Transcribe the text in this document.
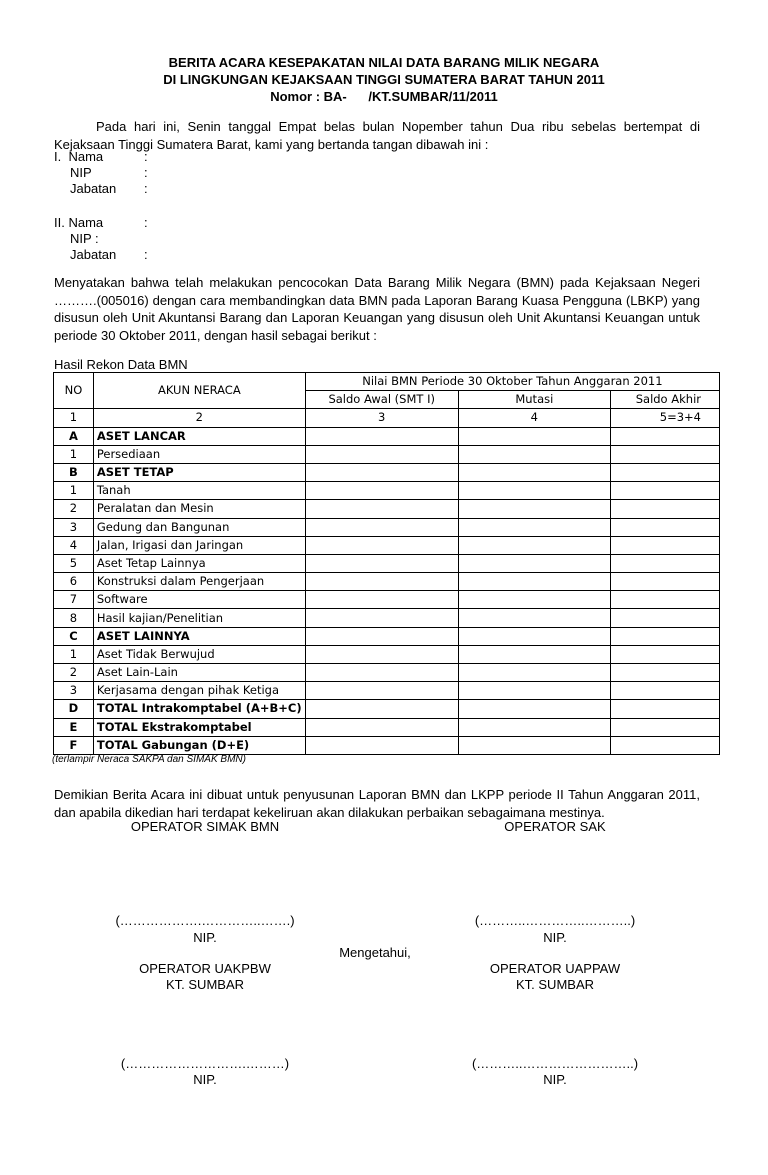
BERITA ACARA KESEPAKATAN NILAI DATA BARANG MILIK NEGARA
DI LINGKUNGAN KEJAKSAAN TINGGI SUMATERA BARAT TAHUN 2011
Nomor : BA-      /KT.SUMBAR/11/2011
Pada hari ini, Senin tanggal Empat belas bulan Nopember tahun Dua ribu sebelas bertempat di Kejaksaan Tinggi Sumatera Barat, kami yang bertanda tangan dibawah ini :
I.  Nama	:
NIP	:
Jabatan :
II. Nama	:
NIP :
Jabatan :
Menyatakan bahwa telah melakukan pencocokan Data Barang Milik Negara (BMN) pada Kejaksaan Negeri ……….(005016) dengan cara membandingkan data BMN pada Laporan Barang Kuasa Pengguna (LBKP) yang disusun oleh Unit Akuntansi Barang dan Laporan Keuangan yang disusun oleh Unit Akuntansi Keuangan untuk periode 30 Oktober 2011, dengan hasil sebagai berikut :
Hasil Rekon Data BMN
NO	AKUN NERACA	Nilai BMN Periode 30 Oktober Tahun Anggaran 2011		
		Saldo Awal (SMT I)	Mutasi	Saldo Akhir
1	2	3	4	5=3+4
A	ASET LANCAR			
1	Persediaan			
B	ASET TETAP			
1	Tanah			
2	Peralatan dan Mesin			
3	Gedung dan Bangunan			
4	Jalan, Irigasi dan Jaringan			
5	Aset Tetap Lainnya			
6	Konstruksi dalam Pengerjaan			
7	Software			
8	Hasil kajian/Penelitian			
C	ASET LAINNYA			
1	Aset Tidak Berwujud			
2	Aset Lain-Lain			
3	Kerjasama dengan pihak Ketiga			
D	TOTAL Intrakomptabel (A+B+C)			
E	TOTAL Ekstrakomptabel			
F	TOTAL Gabungan (D+E)			
(terlampir Neraca SAKPA dan SIMAK BMN)
Demikian Berita Acara ini dibuat untuk penyusunan Laporan BMN dan LKPP periode II Tahun Anggaran 2011, dan apabila dikedian hari terdapat kekeliruan akan dilakukan perbaikan sebagaimana mestinya.
OPERATOR SIMAK BMN	OPERATOR SAK
(……………….…………..…….)	(………..…………..………..)
NIP.	NIP.
Mengetahui,
OPERATOR UAKPBW	OPERATOR UAPPAW
KT. SUMBAR	KT. SUMBAR
(……………………….………)	(………..……………………..)
NIP.	NIP.
